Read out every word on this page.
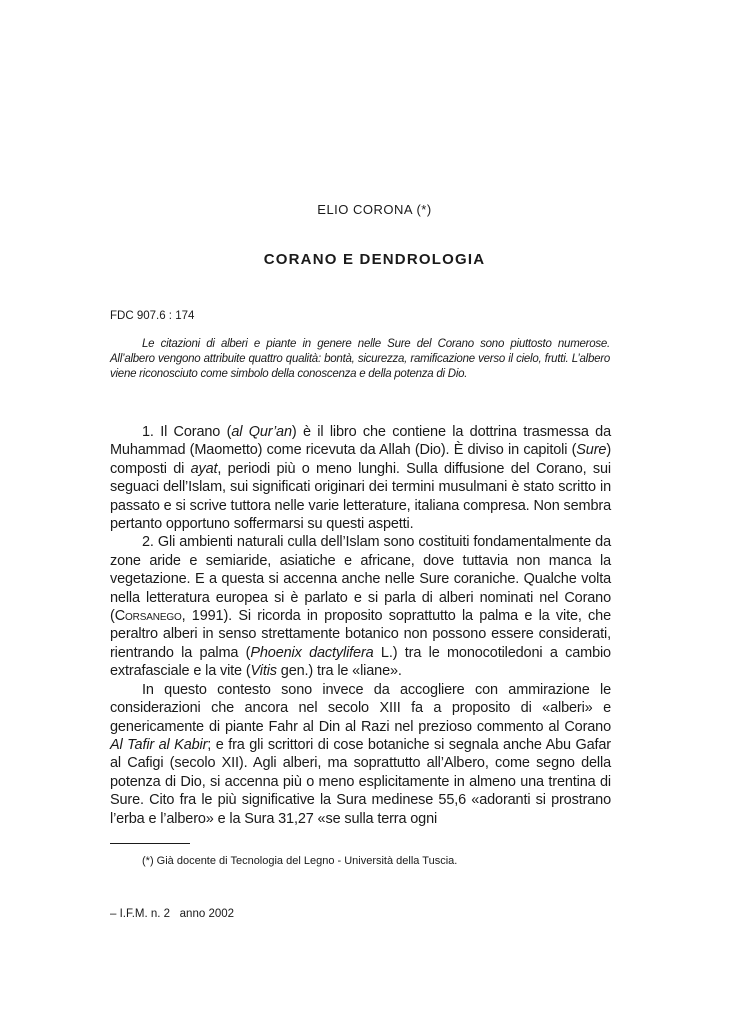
ELIO CORONA (*)
CORANO E DENDROLOGIA
FDC 907.6 : 174
Le citazioni di alberi e piante in genere nelle Sure del Corano sono piuttosto numerose. All’albero vengono attribuite quattro qualità: bontà, sicurezza, ramificazione verso il cielo, frutti. L’albero viene riconosciuto come simbolo della conoscenza e della potenza di Dio.

1. Il Corano (al Qur’an) è il libro che contiene la dottrina trasmessa da Muhammad (Maometto) come ricevuta da Allah (Dio). È diviso in capitoli (Sure) composti di ayat, periodi più o meno lunghi. Sulla diffusione del Corano, sui seguaci dell’Islam, sui significati originari dei termini musulmani è stato scritto in passato e si scrive tuttora nelle varie letterature, italiana compresa. Non sembra pertanto opportuno soffermarsi su questi aspetti.

2. Gli ambienti naturali culla dell’Islam sono costituiti fondamentalmente da zone aride e semiaride, asiatiche e africane, dove tuttavia non manca la vegetazione. E a questa si accenna anche nelle Sure coraniche. Qualche volta nella letteratura europea si è parlato e si parla di alberi nominati nel Corano (Corsanego, 1991). Si ricorda in proposito soprattutto la palma e la vite, che peraltro alberi in senso strettamente botanico non possono essere considerati, rientrando la palma (Phoenix dactylifera L.) tra le monocotiledoni a cambio extrafasciale e la vite (Vitis gen.) tra le «liane».

In questo contesto sono invece da accogliere con ammirazione le considerazioni che ancora nel secolo XIII fa a proposito di «alberi» e genericamente di piante Fahr al Din al Razi nel prezioso commento al Corano Al Tafir al Kabir; e fra gli scrittori di cose botaniche si segnala anche Abu Gafar al Cafigi (secolo XII). Agli alberi, ma soprattutto all’Albero, come segno della potenza di Dio, si accenna più o meno esplicitamente in almeno una trentina di Sure. Cito fra le più significative la Sura medinese 55,6 «adoranti si prostrano l’erba e l’albero» e la Sura 31,27 «se sulla terra ogni

(*) Già docente di Tecnologia del Legno - Università della Tuscia.
– I.F.M. n. 2   anno 2002
